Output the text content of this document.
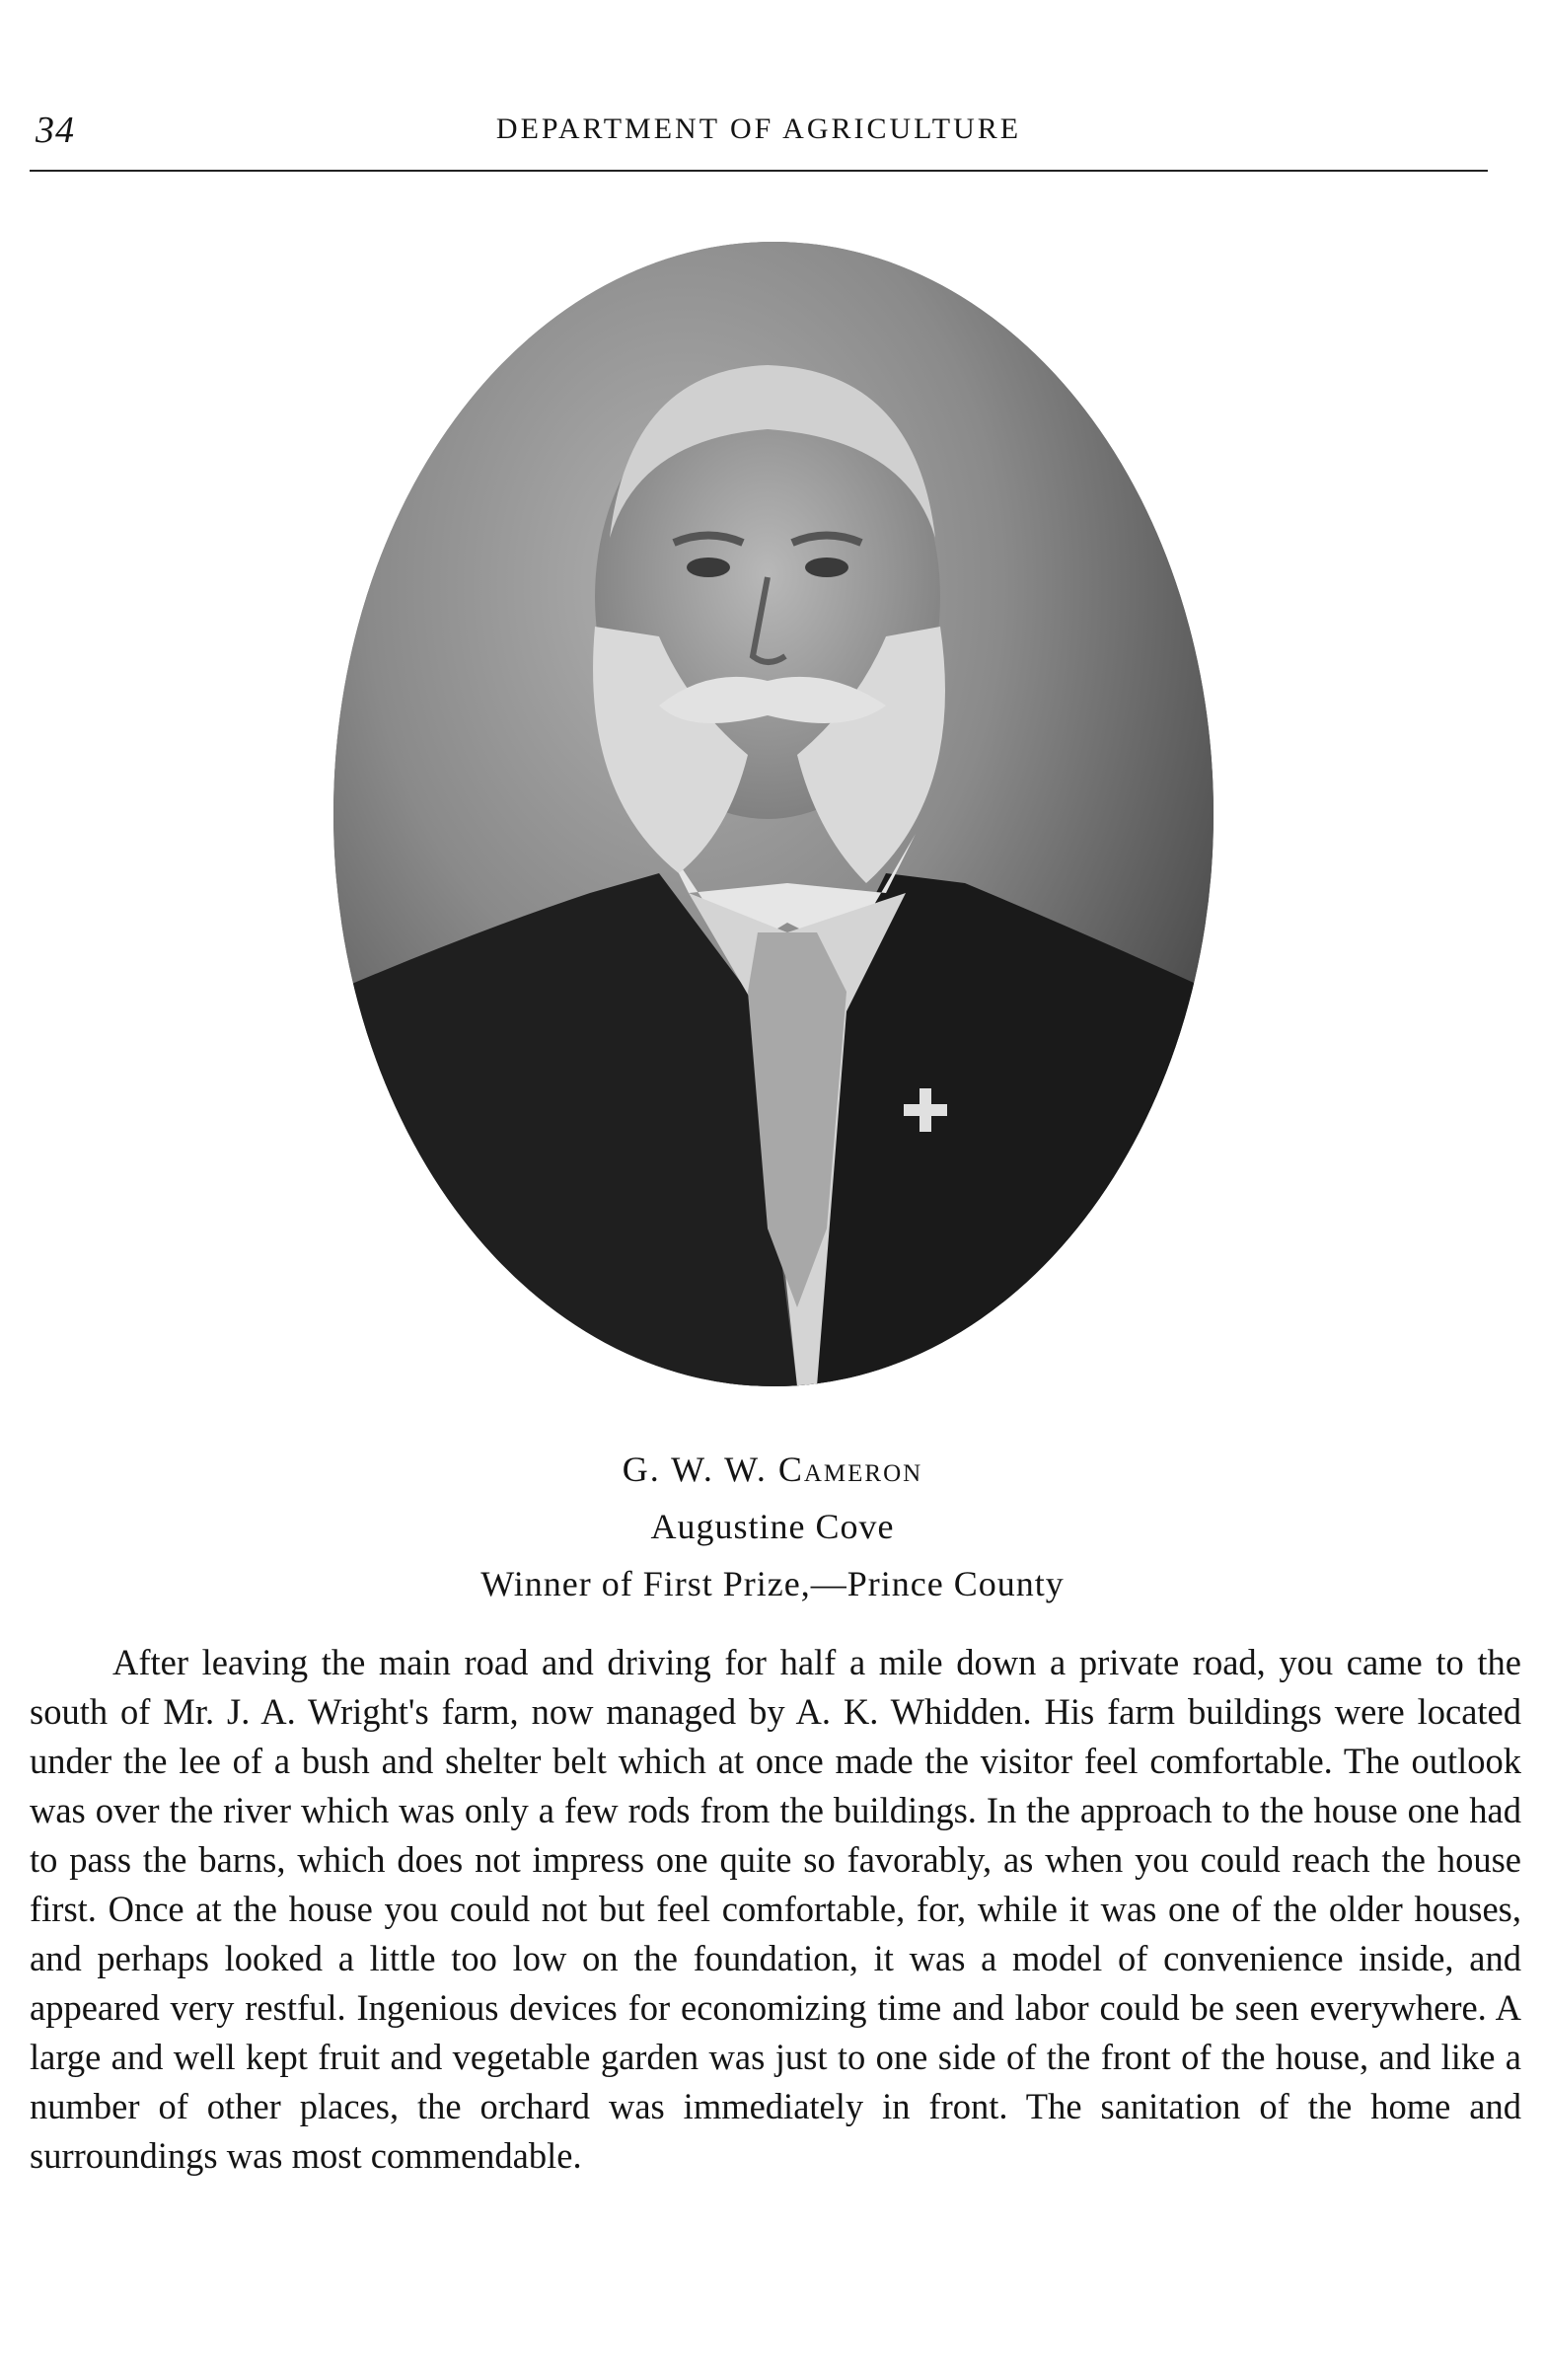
34	DEPARTMENT OF AGRICULTURE
G. W. W. Cameron
Augustine Cove
Winner of First Prize,—Prince County

After leaving the main road and driving for half a mile down a private road, you came to the south of Mr. J. A. Wright's farm, now managed by A. K. Whidden. His farm buildings were located under the lee of a bush and shelter belt which at once made the visitor feel comfortable. The outlook was over the river which was only a few rods from the buildings. In the approach to the house one had to pass the barns, which does not impress one quite so favorably, as when you could reach the house first. Once at the house you could not but feel comfortable, for, while it was one of the older houses, and perhaps looked a little too low on the foundation, it was a model of convenience inside, and appeared very restful. Ingenious devices for economizing time and labor could be seen everywhere. A large and well kept fruit and vegetable garden was just to one side of the front of the house, and like a number of other places, the orchard was immediately in front. The sanitation of the home and surroundings was most commendable.
